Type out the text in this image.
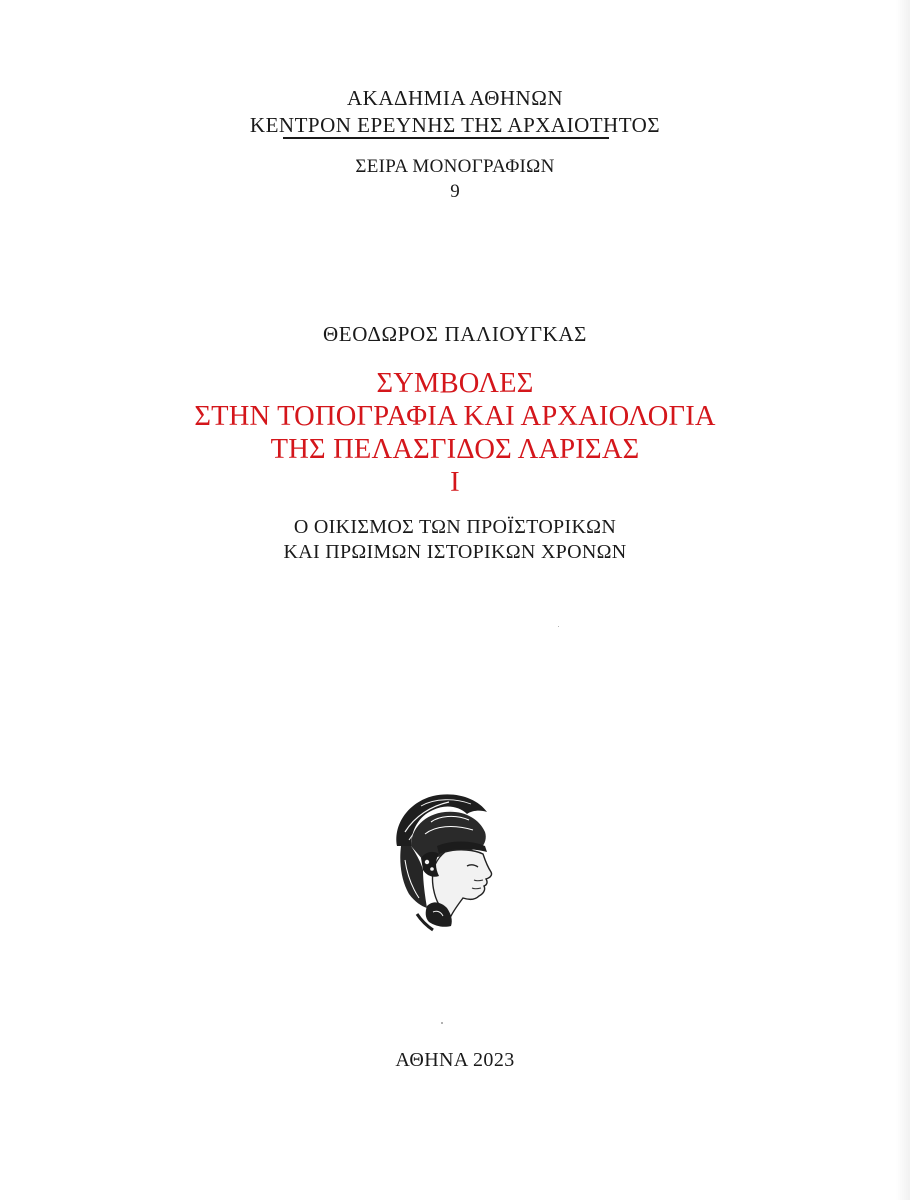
ΑΚΑΔΗΜΙΑ ΑΘΗΝΩΝ
ΚΕΝΤΡΟΝ ΕΡΕΥΝΗΣ ΤΗΣ ΑΡΧΑΙΟΤΗΤΟΣ
ΣΕΙΡΑ ΜΟΝΟΓΡΑΦΙΩΝ
9
ΘΕΟΔΩΡΟΣ ΠΑΛΙΟΥΓΚΑΣ
ΣΥΜΒΟΛΕΣ
ΣΤΗΝ ΤΟΠΟΓΡΑΦΙΑ ΚΑΙ ΑΡΧΑΙΟΛΟΓΙΑ
ΤΗΣ ΠΕΛΑΣΓΙΔΟΣ ΛΑΡΙΣΑΣ
Ι
Ο ΟΙΚΙΣΜΟΣ ΤΩΝ ΠΡΟΪΣΤΟΡΙΚΩΝ
ΚΑΙ ΠΡΩΙΜΩΝ ΙΣΤΟΡΙΚΩΝ ΧΡΟΝΩΝ
ΑΘΗΝΑ 2023
